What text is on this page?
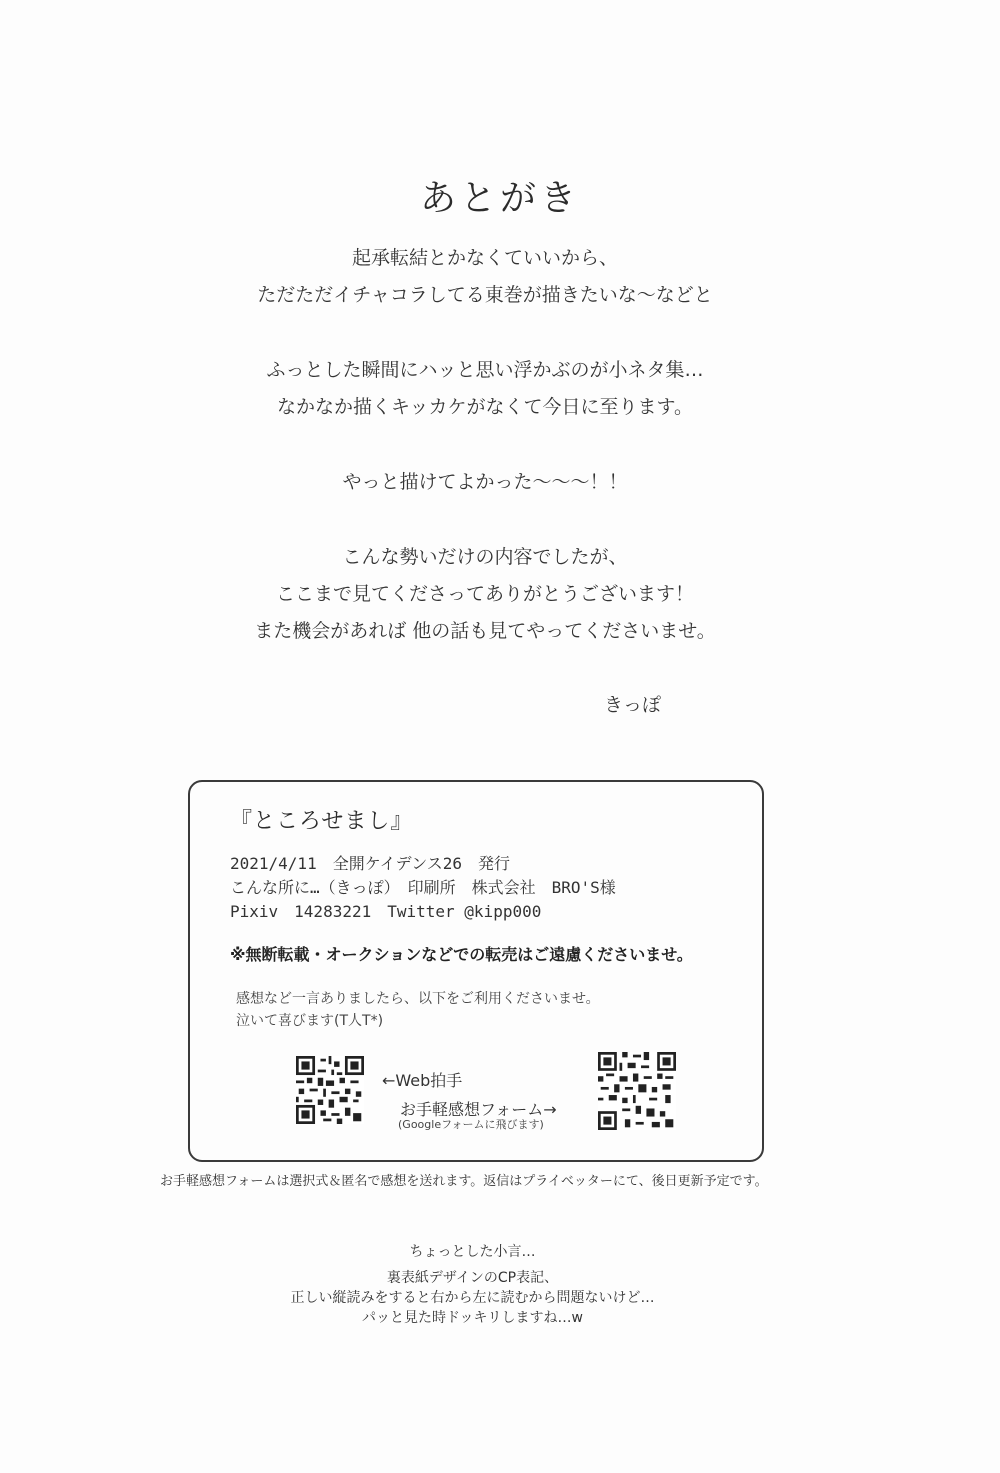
あとがき
起承転結とかなくていいから、
ただただイチャコラしてる東巻が描きたいな～などと
ふっとした瞬間にハッと思い浮かぶのが小ネタ集…
なかなか描くキッカケがなくて今日に至ります。
やっと描けてよかった～～～！！
こんな勢いだけの内容でしたが、
ここまで見てくださってありがとうございます！
また機会があれば 他の話も見てやってくださいませ。
きっぽ
『ところせまし』
2021/4/11　全開ケイデンス26　発行
こんな所に…（きっぽ）　印刷所　株式会社　BRO'S様
Pixiv　14283221　Twitter @kipp000
※無断転載・オークションなどでの転売はご遠慮くださいませ。
感想など一言ありましたら、以下をご利用くださいませ。
泣いて喜びます(T人T*)
←Web拍手
お手軽感想フォーム→
(Googleフォームに飛びます)
お手軽感想フォームは選択式＆匿名で感想を送れます。返信はプライベッターにて、後日更新予定です。
ちょっとした小言…
裏表紙デザインのCP表記、
正しい縦読みをすると右から左に読むから問題ないけど…
パッと見た時ドッキリしますね…w
